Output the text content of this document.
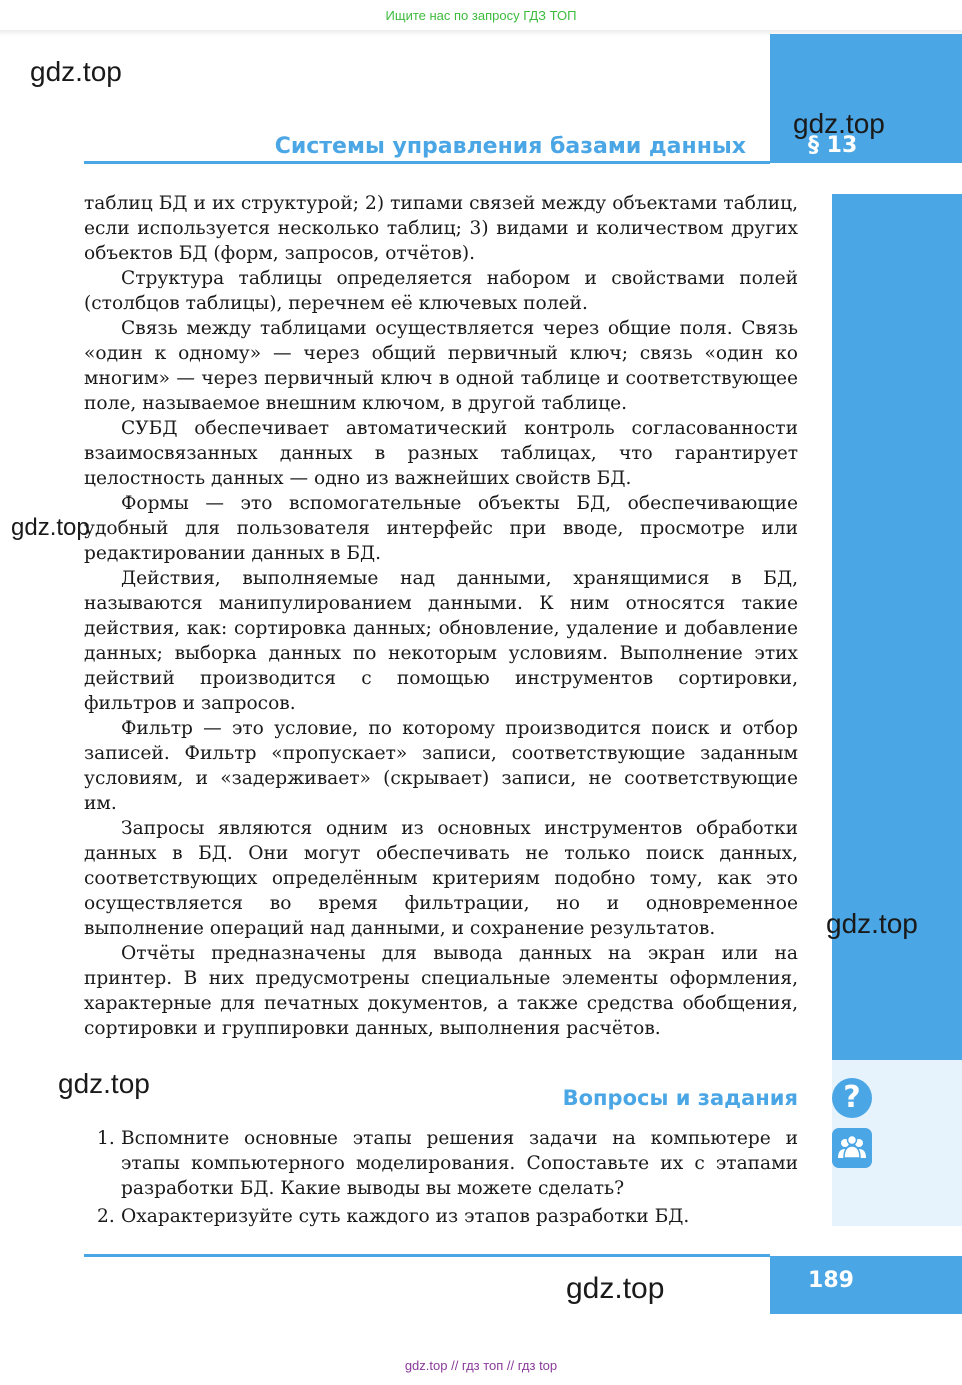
Ищите нас по запросу ГДЗ ТОП
§ 13
Системы управления базами данных

таблиц БД и их структурой; 2) типами связей между объектами таблиц, если используется несколько таблиц; 3) видами и количеством других объектов БД (форм, запросов, отчётов).

Структура таблицы определяется набором и свойствами полей (столбцов таблицы), перечнем её ключевых полей.

Связь между таблицами осуществляется через общие поля. Связь «один к одному» — через общий первичный ключ; связь «один ко многим» — через первичный ключ в одной таблице и соответствующее поле, называемое внешним ключом, в другой таблице.

СУБД обеспечивает автоматический контроль согласованности взаимосвязанных данных в разных таблицах, что гарантирует целостность данных — одно из важнейших свойств БД.

Формы — это вспомогательные объекты БД, обеспечивающие удобный для пользователя интерфейс при вводе, просмотре или редактировании данных в БД.

Действия, выполняемые над данными, хранящимися в БД, называются манипулированием данными. К ним относятся такие действия, как: сортировка данных; обновление, удаление и добавление данных; выборка данных по некоторым условиям. Выполнение этих действий производится с помощью инструментов сортировки, фильтров и запросов.

Фильтр — это условие, по которому производится поиск и отбор записей. Фильтр «пропускает» записи, соответствующие заданным условиям, и «задерживает» (скрывает) записи, не соответствующие им.

Запросы являются одним из основных инструментов обработки данных в БД. Они могут обеспечивать не только поиск данных, соответствующих определённым критериям подобно тому, как это осуществляется во время фильтрации, но и одновременное выполнение операций над данными, и сохранение результатов.

Отчёты предназначены для вывода данных на экран или на принтер. В них предусмотрены специальные элементы оформления, характерные для печатных документов, а также средства обобщения, сортировки и группировки данных, выполнения расчётов.

Вопросы и задания	?
1. Вспомните основные этапы решения задачи на компьютере и этапы компьютерного моделирования. Сопоставьте их с этапами разработки БД. Какие выводы вы можете сделать?
2. Охарактеризуйте суть каждого из этапов разработки БД.
189
gdz.top
gdz.top
gdz.top
gdz.top
gdz.top
gdz.top
gdz.top // гдз топ // гдз top
